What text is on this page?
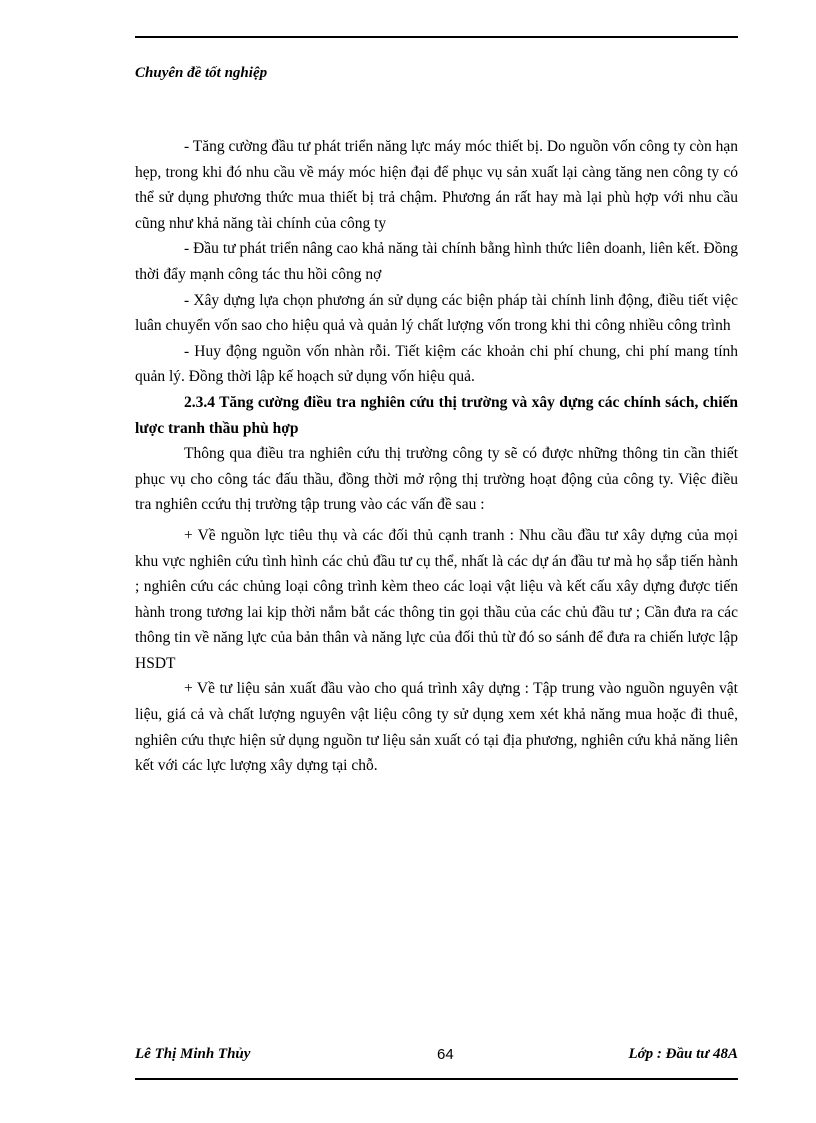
Chuyên đề tốt nghiệp

- Tăng cường đầu tư phát triển năng lực máy móc thiết bị. Do nguồn vốn công ty còn hạn hẹp, trong khi đó nhu cầu về máy móc hiện đại để phục vụ sản xuất lại càng tăng nen công ty có thể sử dụng phương thức mua thiết bị trả chậm. Phương án rất hay mà lại phù hợp với nhu cầu cũng như khả năng tài chính của công ty

- Đầu tư phát triển nâng cao khả năng tài chính bằng hình thức liên doanh, liên kết. Đồng thời đẩy mạnh công tác thu hồi công nợ

- Xây dựng lựa chọn phương án sử dụng các biện pháp tài chính linh động, điều tiết việc luân chuyển vốn sao cho hiệu quả và quản lý chất lượng vốn trong khi thi công nhiều công trình

- Huy động nguồn vốn nhàn rỗi. Tiết kiệm các khoản chi phí chung, chi phí mang tính quản lý. Đồng thời lập kế hoạch sử dụng vốn hiệu quả.

2.3.4 Tăng cường điều tra nghiên cứu thị trường và xây dựng các chính sách, chiến lược tranh thầu phù hợp

Thông qua điều tra nghiên cứu thị trường công ty sẽ có được những thông tin cần thiết phục vụ cho công tác đấu thầu, đồng thời mở rộng thị trường hoạt động của công ty. Việc điều tra nghiên ccứu thị trường tập trung vào các vấn đề sau :

+ Về nguồn lực tiêu thụ và các đối thủ cạnh tranh : Nhu cầu đầu tư xây dựng của mọi khu vực nghiên cứu tình hình các chủ đầu tư cụ thể, nhất là các dự án đầu tư mà họ sắp tiến hành ; nghiên cứu các chủng loại công trình kèm theo các loại vật liệu và kết cấu xây dựng được tiến hành trong tương lai kịp thời nắm bắt các thông tin gọi thầu của các chủ đầu tư ; Cần đưa ra các thông tin về năng lực của bản thân và năng lực của đối thủ từ đó so sánh để đưa ra chiến lược lập HSDT

+ Về tư liệu sản xuất đầu vào cho quá trình xây dựng : Tập trung vào nguồn nguyên vật liệu, giá cả và chất lượng nguyên vật liệu công ty sử dụng xem xét khả năng mua hoặc đi thuê, nghiên cứu thực hiện sử dụng nguồn tư liệu sản xuất có tại địa phương, nghiên cứu khả năng liên kết với các lực lượng xây dựng tại chỗ.

Lê Thị Minh Thủy	64	Lớp : Đầu tư 48A
